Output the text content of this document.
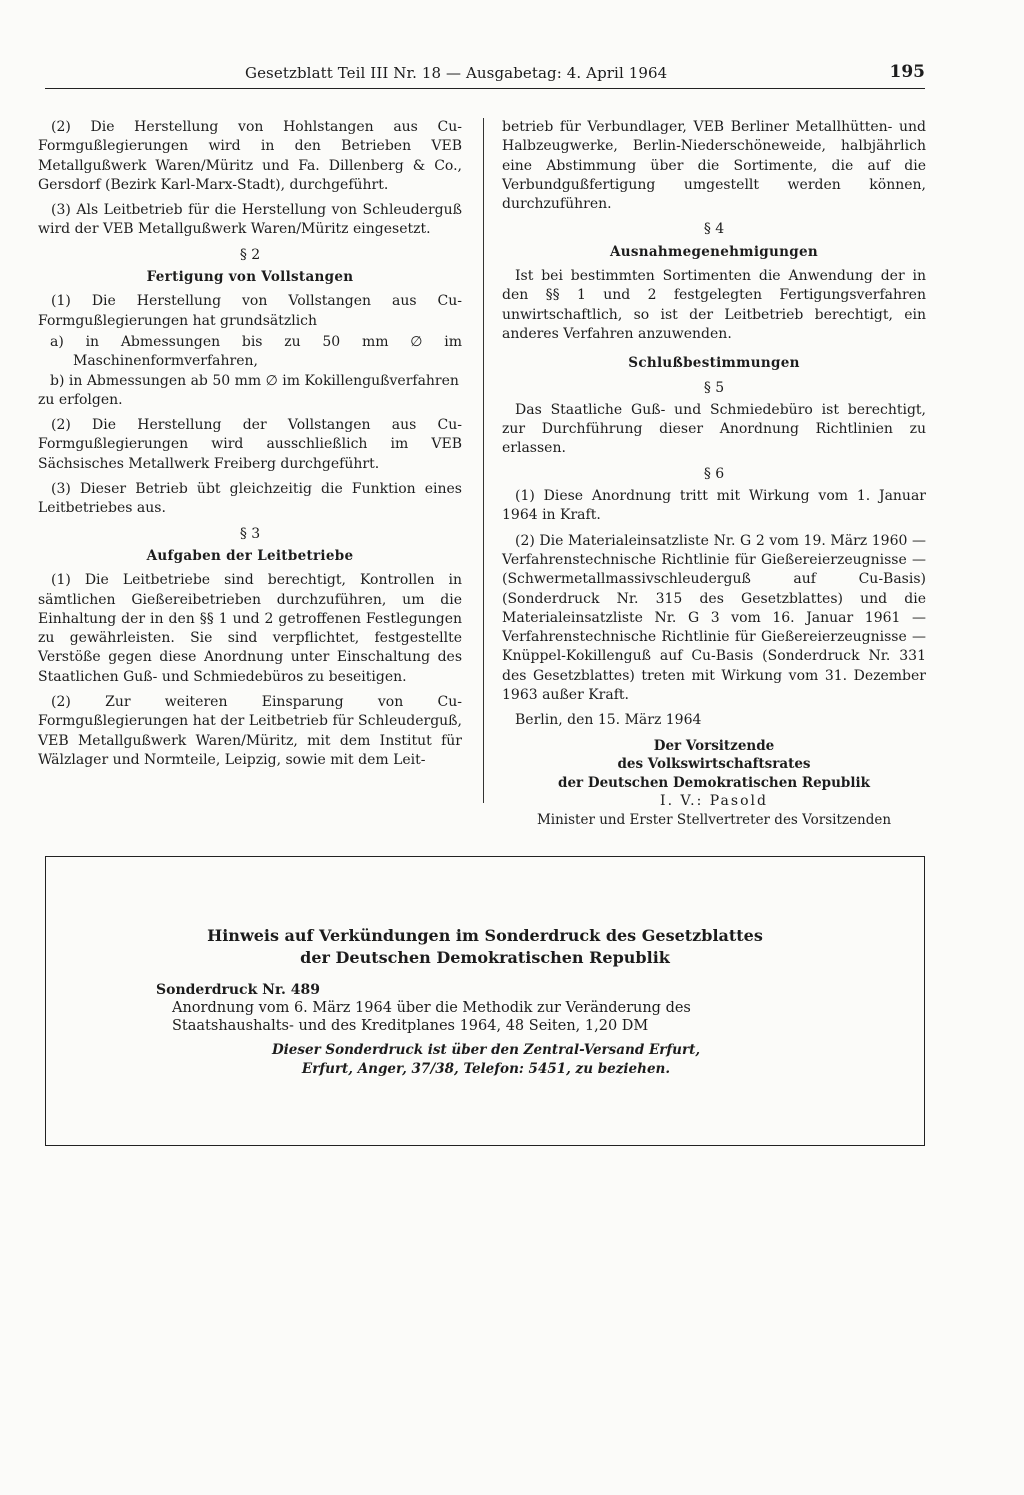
Gesetzblatt Teil III Nr. 18 — Ausgabetag: 4. April 1964	195

(2) Die Herstellung von Hohlstangen aus Cu-Formgußlegierungen wird in den Betrieben VEB Metallgußwerk Waren/Müritz und Fa. Dillenberg & Co., Gersdorf (Bezirk Karl-Marx-Stadt), durchgeführt.

(3) Als Leitbetrieb für die Herstellung von Schleuderguß wird der VEB Metallgußwerk Waren/Müritz eingesetzt.

§ 2
Fertigung von Vollstangen

(1) Die Herstellung von Vollstangen aus Cu-Formgußlegierungen hat grundsätzlich

a) in Abmessungen bis zu 50 mm ∅ im Maschinenformverfahren,
b) in Abmessungen ab 50 mm ∅ im Kokillengußverfahren

zu erfolgen.

(2) Die Herstellung der Vollstangen aus Cu-Formgußlegierungen wird ausschließlich im VEB Sächsisches Metallwerk Freiberg durchgeführt.

(3) Dieser Betrieb übt gleichzeitig die Funktion eines Leitbetriebes aus.

§ 3
Aufgaben der Leitbetriebe

(1) Die Leitbetriebe sind berechtigt, Kontrollen in sämtlichen Gießereibetrieben durchzuführen, um die Einhaltung der in den §§ 1 und 2 getroffenen Festlegungen zu gewährleisten. Sie sind verpflichtet, festgestellte Verstöße gegen diese Anordnung unter Einschaltung des Staatlichen Guß- und Schmiedebüros zu beseitigen.

(2) Zur weiteren Einsparung von Cu-Formgußlegierungen hat der Leitbetrieb für Schleuderguß, VEB Metallgußwerk Waren/Müritz, mit dem Institut für Wälzlager und Normteile, Leipzig, sowie mit dem Leit-

betrieb für Verbundlager, VEB Berliner Metallhütten- und Halbzeugwerke, Berlin-Niederschöneweide, halbjährlich eine Abstimmung über die Sortimente, die auf die Verbundgußfertigung umgestellt werden können, durchzuführen.

§ 4
Ausnahmegenehmigungen

Ist bei bestimmten Sortimenten die Anwendung der in den §§ 1 und 2 festgelegten Fertigungsverfahren unwirtschaftlich, so ist der Leitbetrieb berechtigt, ein anderes Verfahren anzuwenden.

Schlußbestimmungen
§ 5

Das Staatliche Guß- und Schmiedebüro ist berechtigt, zur Durchführung dieser Anordnung Richtlinien zu erlassen.

§ 6

(1) Diese Anordnung tritt mit Wirkung vom 1. Januar 1964 in Kraft.

(2) Die Materialeinsatzliste Nr. G 2 vom 19. März 1960 — Verfahrenstechnische Richtlinie für Gießereierzeugnisse — (Schwermetallmassivschleuderguß auf Cu-Basis) (Sonderdruck Nr. 315 des Gesetzblattes) und die Materialeinsatzliste Nr. G 3 vom 16. Januar 1961 — Verfahrenstechnische Richtlinie für Gießereierzeugnisse — Knüppel-Kokillenguß auf Cu-Basis (Sonderdruck Nr. 331 des Gesetzblattes) treten mit Wirkung vom 31. Dezember 1963 außer Kraft.

Berlin, den 15. März 1964

Der Vorsitzende
des Volkswirtschaftsrates
der Deutschen Demokratischen Republik
I. V.: Pasold
Minister und Erster Stellvertreter des Vorsitzenden
Hinweis auf Verkündungen im Sonderdruck des Gesetzblattes
der Deutschen Demokratischen Republik
Sonderdruck Nr. 489
Anordnung vom 6. März 1964 über die Methodik zur Veränderung des Staatshaushalts- und des Kreditplanes 1964, 48 Seiten, 1,20 DM
Dieser Sonderdruck ist über den Zentral-Versand Erfurt,
Erfurt, Anger, 37/38, Telefon: 5451, zu beziehen.
